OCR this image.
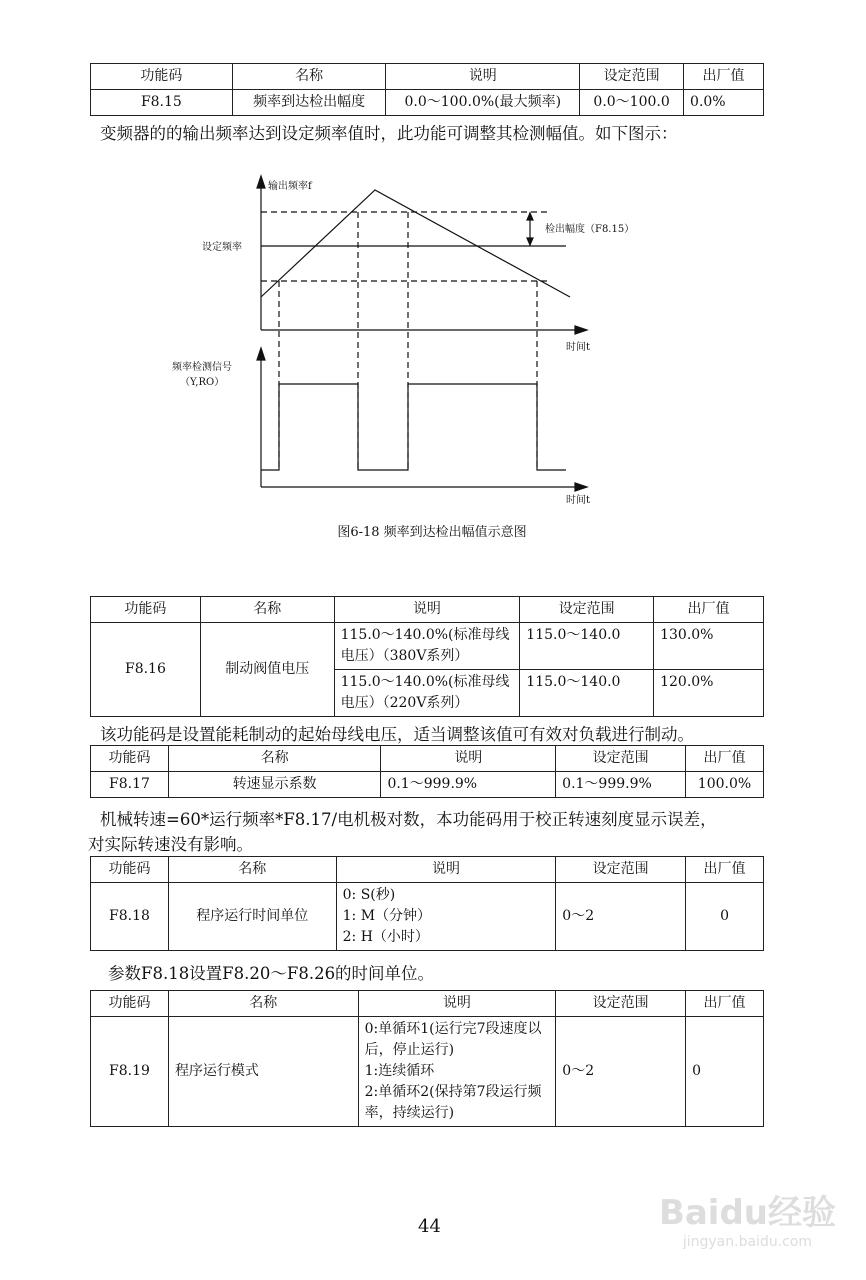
功能码	名称	说明	设定范围	出厂值
F8.15	频率到达检出幅度	0.0～100.0%(最大频率)	0.0～100.0	0.0%
变频器的的输出频率达到设定频率值时，此功能可调整其检测幅值。如下图示：
输出频率f
设定频率
检出幅度（F8.15）
时间t
频率检测信号
（Y,RO）
时间t
图6-18 频率到达检出幅值示意图
功能码	名称	说明	设定范围	出厂值
F8.16	制动阀值电压	115.0～140.0%(标准母线电压）（380V系列）	115.0～140.0	130.0%
		115.0～140.0%(标准母线电压）（220V系列）	115.0～140.0	120.0%
该功能码是设置能耗制动的起始母线电压，适当调整该值可有效对负载进行制动。
功能码	名称	说明	设定范围	出厂值
F8.17	转速显示系数	0.1～999.9%	0.1～999.9%	100.0%
机械转速=60*运行频率*F8.17/电机极对数，本功能码用于校正转速刻度显示误差，
对实际转速没有影响。
功能码	名称	说明	设定范围	出厂值
F8.18	程序运行时间单位	0: S(秒)
1: M（分钟）
2: H（小时）	0～2	0
参数F8.18设置F8.20～F8.26的时间单位。
功能码	名称	说明	设定范围	出厂值
F8.19	程序运行模式	0:单循环1(运行完7段速度以后，停止运行)
1:连续循环
2:单循环2(保持第7段运行频率，持续运行)	0～2	0
44	Baidu经验
jingyan.baidu.com
